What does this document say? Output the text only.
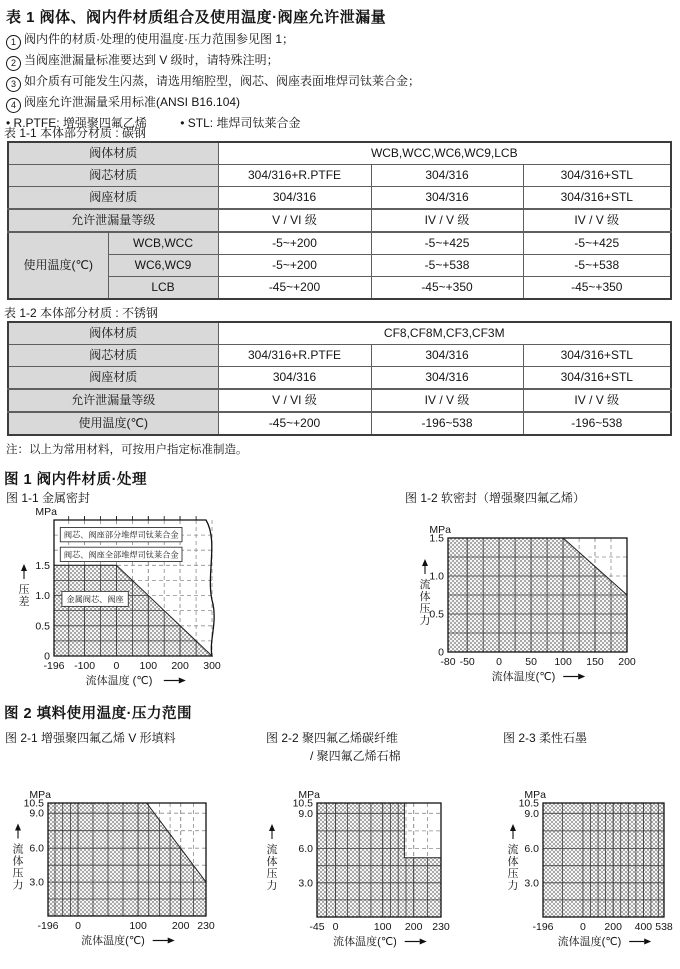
表 1 阀体、阀内件材质组合及使用温度·阀座允许泄漏量
1 阀内件的材质·处理的使用温度·压力范围参见图 1；
2 当阀座泄漏量标准要达到 V 级时，请特殊注明；
3 如介质有可能发生闪蒸，请选用缩腔型，阀芯、阀座表面堆焊司钛莱合金；
4 阀座允许泄漏量采用标准(ANSI B16.104)
• R.PTFE: 增强聚四氟乙烯	• STL: 堆焊司钛莱合金
表 1-1 本体部分材质 : 碳钢
阀体材质		WCB,WCC,WC6,WC9,LCB		
阀芯材质		304/316+R.PTFE	304/316	304/316+STL
阀座材质		304/316	304/316	304/316+STL
允许泄漏量等级		V / VI 级	IV / V 级	IV / V 级
使用温度(℃)	WCB,WCC	-5~+200	-5~+425	-5~+425
	WC6,WC9	-5~+200	-5~+538	-5~+538
	LCB	-45~+200	-45~+350	-45~+350
表 1-2 本体部分材质 : 不锈钢
阀体材质	CF8,CF8M,CF3,CF3M		
阀芯材质	304/316+R.PTFE	304/316	304/316+STL
阀座材质	304/316	304/316	304/316+STL
允许泄漏量等级	V / VI 级	IV / V 级	IV / V 级
使用温度(℃)	-45~+200	-196~538	-196~538
注：以上为常用材料，可按用户指定标准制造。
图 1 阀内件材质·处理
图 1-1 金属密封	图 1-2 软密封（增强聚四氟乙烯）
0
0.5
1.0
1.5
-196 -100 0 100 200 300
MPa
压
差
流体温度 (℃)
阀芯、阀座部分堆焊司钛莱合金
阀芯、阀座全部堆焊司钛莱合金
金属阀芯、阀座
0
0.5
1.0
1.5
-80 -50 0 50 100 150 200
MPa
流
体
压
力
流体温度(℃)
图 2 填料使用温度·压力范围
图 2-1 增强聚四氟乙烯 V 形填料	图 2-2 聚四氟乙烯碳纤维
/ 聚四氟乙烯石棉
图 2-3 柔性石墨
3.0
6.0
9.0
10.5
-196 0	100 200 230
MPa
流
体
压
力
流体温度(℃)
3.0
6.0
9.0
10.5
-45 0	100 200 230
MPa
流
体
压
力
流体温度(℃)
3.0
6.0
9.0
10.5
-196	0 200 400 538
MPa
流
体
压
力
流体温度(℃)
